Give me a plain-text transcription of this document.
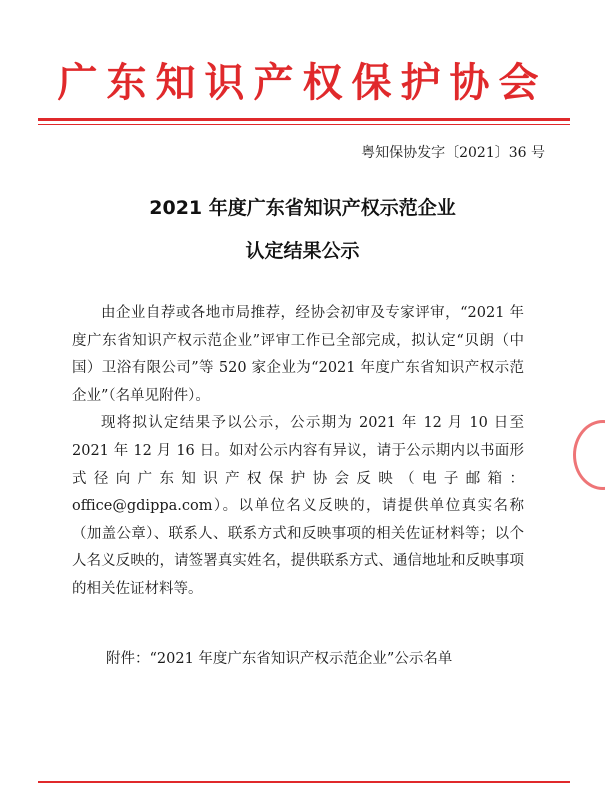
广东知识产权保护协会
粤知保协发字〔2021〕36 号
2021 年度广东省知识产权示范企业
认定结果公示

由企业自荐或各地市局推荐，经协会初审及专家评审，“2021 年度广东省知识产权示范企业”评审工作已全部完成，拟认定“贝朗（中国）卫浴有限公司”等 520 家企业为“2021 年度广东省知识产权示范企业”（名单见附件）。

现将拟认定结果予以公示，公示期为 2021 年 12 月 10 日至 2021 年 12 月 16 日。如对公示内容有异议，请于公示期内以书面形式径向广东知识产权保护协会反映（电子邮箱：office@gdippa.com）。以单位名义反映的，请提供单位真实名称（加盖公章）、联系人、联系方式和反映事项的相关佐证材料等；以个人名义反映的，请签署真实姓名，提供联系方式、通信地址和反映事项的相关佐证材料等。

附件：“2021 年度广东省知识产权示范企业”公示名单
